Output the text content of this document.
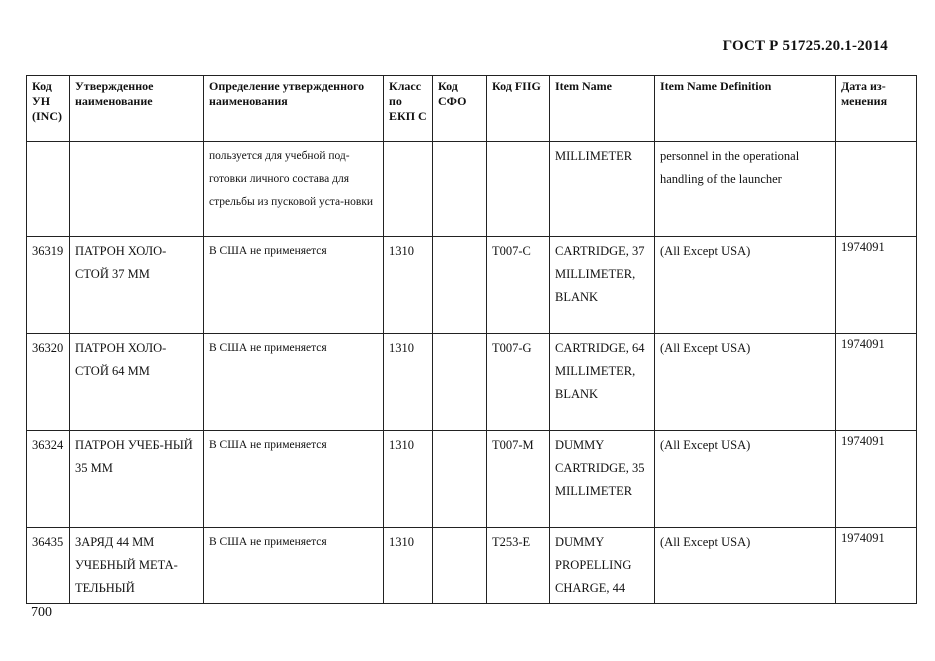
ГОСТ Р 51725.20.1-2014
Код УН (INC)	Утвержденное наименование	Определение утвержденного наименования	Класс по ЕКП С	Код СФО	Код FIIG	Item Name	Item Name Definition	Дата из-менения
		пользуется для учебной под-готовки личного состава для стрельбы из пусковой уста-новки				MILLIMETER	personnel in the operational handling of the launcher	
36319	ПАТРОН ХОЛО-СТОЙ 37 ММ	В США не применяется	1310		T007-C	CARTRIDGE, 37 MILLIMETER, BLANK	(All Except USA)	1974091
36320	ПАТРОН ХОЛО-СТОЙ 64 ММ	В США не применяется	1310		T007-G	CARTRIDGE, 64 MILLIMETER, BLANK	(All Except USA)	1974091
36324	ПАТРОН УЧЕБ-НЫЙ 35 ММ	В США не применяется	1310		T007-M	DUMMY CARTRIDGE, 35 MILLIMETER	(All Except USA)	1974091
36435	ЗАРЯД 44 ММ УЧЕБНЫЙ МЕТА-ТЕЛЬНЫЙ	В США не применяется	1310		T253-E	DUMMY PROPELLING CHARGE, 44	(All Except USA)	1974091
700
